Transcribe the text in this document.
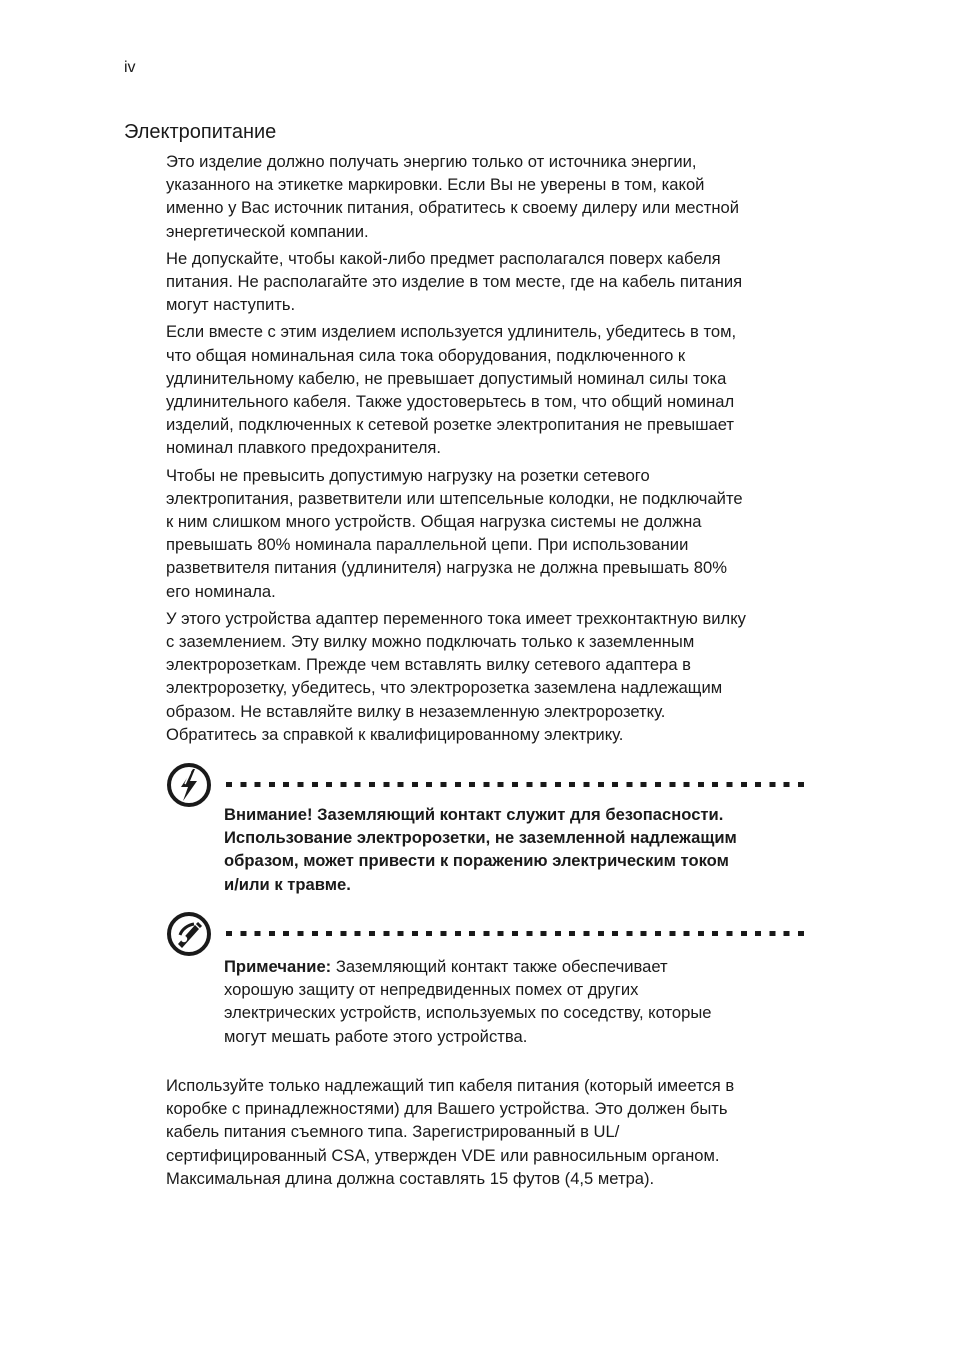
iv
Электропитание

Это изделие должно получать энергию только от источника энергии,
указанного на этикетке маркировки. Если Вы не уверены в том, какой
именно у Вас источник питания, обратитесь к своему дилеру или местной
энергетической компании.

Не допускайте, чтобы какой-либо предмет располагался поверх кабеля
питания. Не располагайте это изделие в том месте, где на кабель питания
могут наступить.

Если вместе с этим изделием используется удлинитель, убедитесь в том,
что общая номинальная сила тока оборудования, подключенного к
удлинительному кабелю, не превышает допустимый номинал силы тока
удлинительного кабеля. Также удостоверьтесь в том, что общий номинал
изделий, подключенных к сетевой розетке электропитания не превышает
номинал плавкого предохранителя.

Чтобы не превысить допустимую нагрузку на розетки сетевого
электропитания, разветвители или штепсельные колодки, не подключайте
к ним слишком много устройств. Общая нагрузка системы не должна
превышать 80% номинала параллельной цепи. При использовании
разветвителя питания (удлинителя) нагрузка не должна превышать 80%
его номинала.

У этого устройства адаптер переменного тока имеет трехконтактную вилку
с заземлением. Эту вилку можно подключать только к заземленным
электророзеткам. Прежде чем вставлять вилку сетевого адаптера в
электророзетку, убедитесь, что электророзетка заземлена надлежащим
образом. Не вставляйте вилку в незаземленную электророзетку.
Обратитесь за справкой к квалифицированному электрику.

Внимание! Заземляющий контакт служит для безопасности.
Использование электророзетки, не заземленной надлежащим
образом, может привести к поражению электрическим током
и/или к травме.

Примечание: Заземляющий контакт также обеспечивает
хорошую защиту от непредвиденных помех от других
электрических устройств, используемых по соседству, которые
могут мешать работе этого устройства.

Используйте только надлежащий тип кабеля питания (который имеется в
коробке с принадлежностями) для Вашего устройства. Это должен быть
кабель питания съемного типа. Зарегистрированный в UL/
сертифицированный CSA, утвержден VDE или равносильным органом.
Максимальная длина должна составлять 15 футов (4,5 метра).
